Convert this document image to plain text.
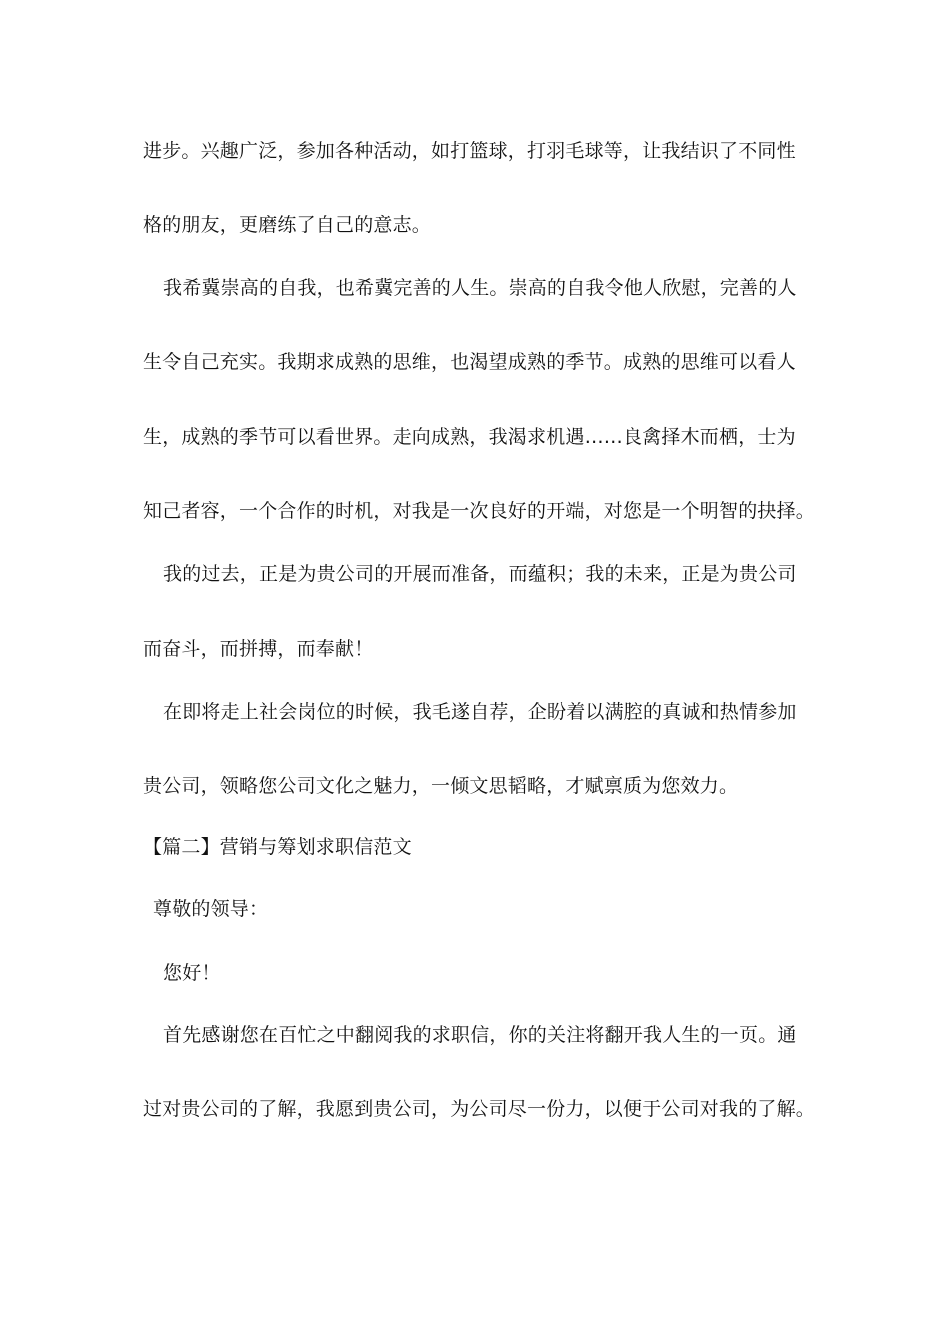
进步。兴趣广泛，参加各种活动，如打篮球，打羽毛球等，让我结识了不同性
格的朋友，更磨练了自己的意志。
我希冀崇高的自我，也希冀完善的人生。崇高的自我令他人欣慰，完善的人
生令自己充实。我期求成熟的思维，也渴望成熟的季节。成熟的思维可以看人
生，成熟的季节可以看世界。走向成熟，我渴求机遇……良禽择木而栖，士为
知己者容，一个合作的时机，对我是一次良好的开端，对您是一个明智的抉择。
我的过去，正是为贵公司的开展而准备，而蕴积；我的未来，正是为贵公司
而奋斗，而拼搏，而奉献！
在即将走上社会岗位的时候，我毛遂自荐，企盼着以满腔的真诚和热情参加
贵公司，领略您公司文化之魅力，一倾文思韬略，才赋禀质为您效力。
【篇二】营销与筹划求职信范文
尊敬的领导：
您好！
首先感谢您在百忙之中翻阅我的求职信，你的关注将翻开我人生的一页。通
过对贵公司的了解，我愿到贵公司，为公司尽一份力，以便于公司对我的了解。
